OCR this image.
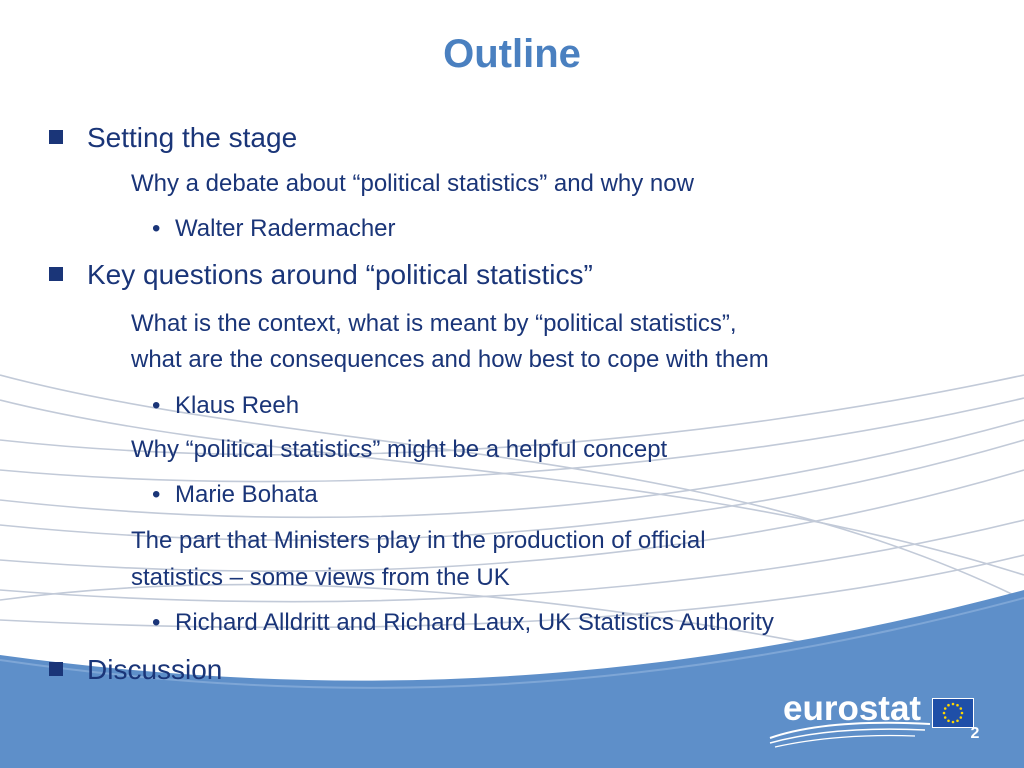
Outline
Setting the stage
Why a debate about “political statistics” and why now
• Walter Radermacher
Key questions around “political statistics”
What is the context, what is meant by “political statistics”,
what are the consequences and how best to cope with them
• Klaus Reeh
Why “political statistics” might be a helpful concept
• Marie Bohata
The part that Ministers play in the production of official
statistics – some views from the UK
• Richard Alldritt and Richard Laux, UK Statistics Authority
Discussion
eurostat
2
